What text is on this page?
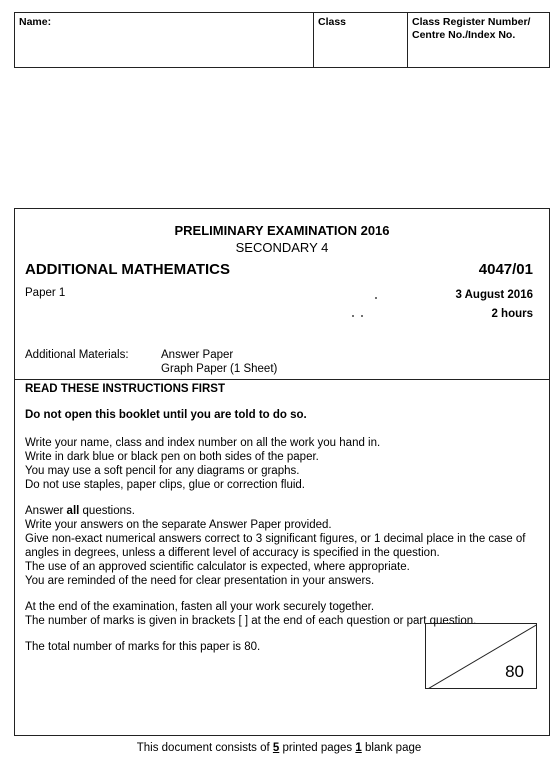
Name:	Class	Class Register Number/
Centre No./Index No.
PRELIMINARY EXAMINATION 2016
SECONDARY 4
ADDITIONAL MATHEMATICS	4047/01
Paper 1	3 August 2016
2 hours
Additional Materials:	Answer Paper
Graph Paper (1 Sheet)
READ THESE INSTRUCTIONS FIRST
Do not open this booklet until you are told to do so.
Write your name, class and index number on all the work you hand in.
Write in dark blue or black pen on both sides of the paper.
You may use a soft pencil for any diagrams or graphs.
Do not use staples, paper clips, glue or correction fluid.
Answer all questions.
Write your answers on the separate Answer Paper provided.
Give non-exact numerical answers correct to 3 significant figures, or 1 decimal place in the case of
angles in degrees, unless a different level of accuracy is specified in the question.
The use of an approved scientific calculator is expected, where appropriate.
You are reminded of the need for clear presentation in your answers.
At the end of the examination, fasten all your work securely together.
The number of marks is given in brackets [ ] at the end of each question or part question.
The total number of marks for this paper is 80.
80
This document consists of 5 printed pages 1 blank page
